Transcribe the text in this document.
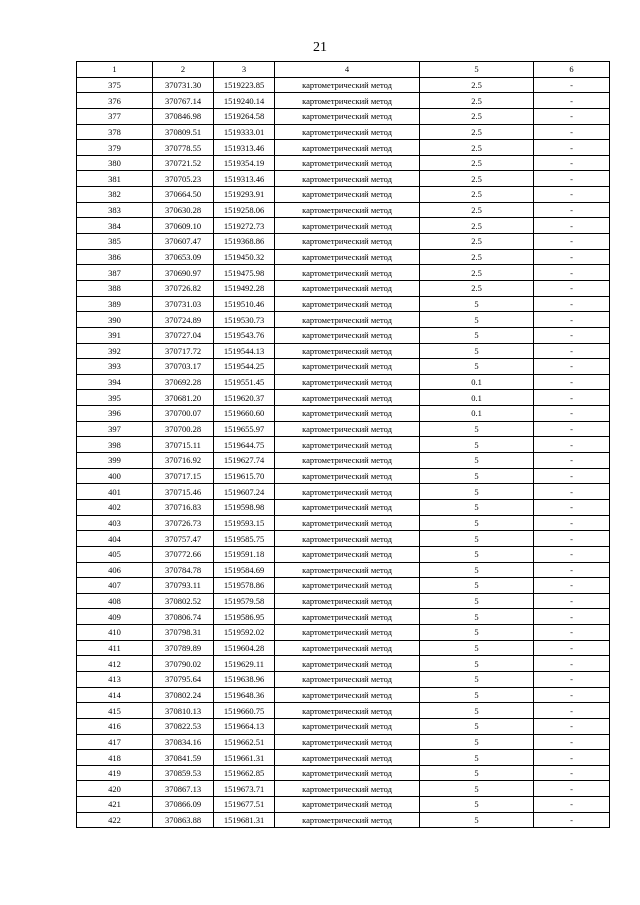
21
1	2	3	4	5	6
375	370731.30	1519223.85	картометрический метод	2.5	-
376	370767.14	1519240.14	картометрический метод	2.5	-
377	370846.98	1519264.58	картометрический метод	2.5	-
378	370809.51	1519333.01	картометрический метод	2.5	-
379	370778.55	1519313.46	картометрический метод	2.5	-
380	370721.52	1519354.19	картометрический метод	2.5	-
381	370705.23	1519313.46	картометрический метод	2.5	-
382	370664.50	1519293.91	картометрический метод	2.5	-
383	370630.28	1519258.06	картометрический метод	2.5	-
384	370609.10	1519272.73	картометрический метод	2.5	-
385	370607.47	1519368.86	картометрический метод	2.5	-
386	370653.09	1519450.32	картометрический метод	2.5	-
387	370690.97	1519475.98	картометрический метод	2.5	-
388	370726.82	1519492.28	картометрический метод	2.5	-
389	370731.03	1519510.46	картометрический метод	5	-
390	370724.89	1519530.73	картометрический метод	5	-
391	370727.04	1519543.76	картометрический метод	5	-
392	370717.72	1519544.13	картометрический метод	5	-
393	370703.17	1519544.25	картометрический метод	5	-
394	370692.28	1519551.45	картометрический метод	0.1	-
395	370681.20	1519620.37	картометрический метод	0.1	-
396	370700.07	1519660.60	картометрический метод	0.1	-
397	370700.28	1519655.97	картометрический метод	5	-
398	370715.11	1519644.75	картометрический метод	5	-
399	370716.92	1519627.74	картометрический метод	5	-
400	370717.15	1519615.70	картометрический метод	5	-
401	370715.46	1519607.24	картометрический метод	5	-
402	370716.83	1519598.98	картометрический метод	5	-
403	370726.73	1519593.15	картометрический метод	5	-
404	370757.47	1519585.75	картометрический метод	5	-
405	370772.66	1519591.18	картометрический метод	5	-
406	370784.78	1519584.69	картометрический метод	5	-
407	370793.11	1519578.86	картометрический метод	5	-
408	370802.52	1519579.58	картометрический метод	5	-
409	370806.74	1519586.95	картометрический метод	5	-
410	370798.31	1519592.02	картометрический метод	5	-
411	370789.89	1519604.28	картометрический метод	5	-
412	370790.02	1519629.11	картометрический метод	5	-
413	370795.64	1519638.96	картометрический метод	5	-
414	370802.24	1519648.36	картометрический метод	5	-
415	370810.13	1519660.75	картометрический метод	5	-
416	370822.53	1519664.13	картометрический метод	5	-
417	370834.16	1519662.51	картометрический метод	5	-
418	370841.59	1519661.31	картометрический метод	5	-
419	370859.53	1519662.85	картометрический метод	5	-
420	370867.13	1519673.71	картометрический метод	5	-
421	370866.09	1519677.51	картометрический метод	5	-
422	370863.88	1519681.31	картометрический метод	5	-
